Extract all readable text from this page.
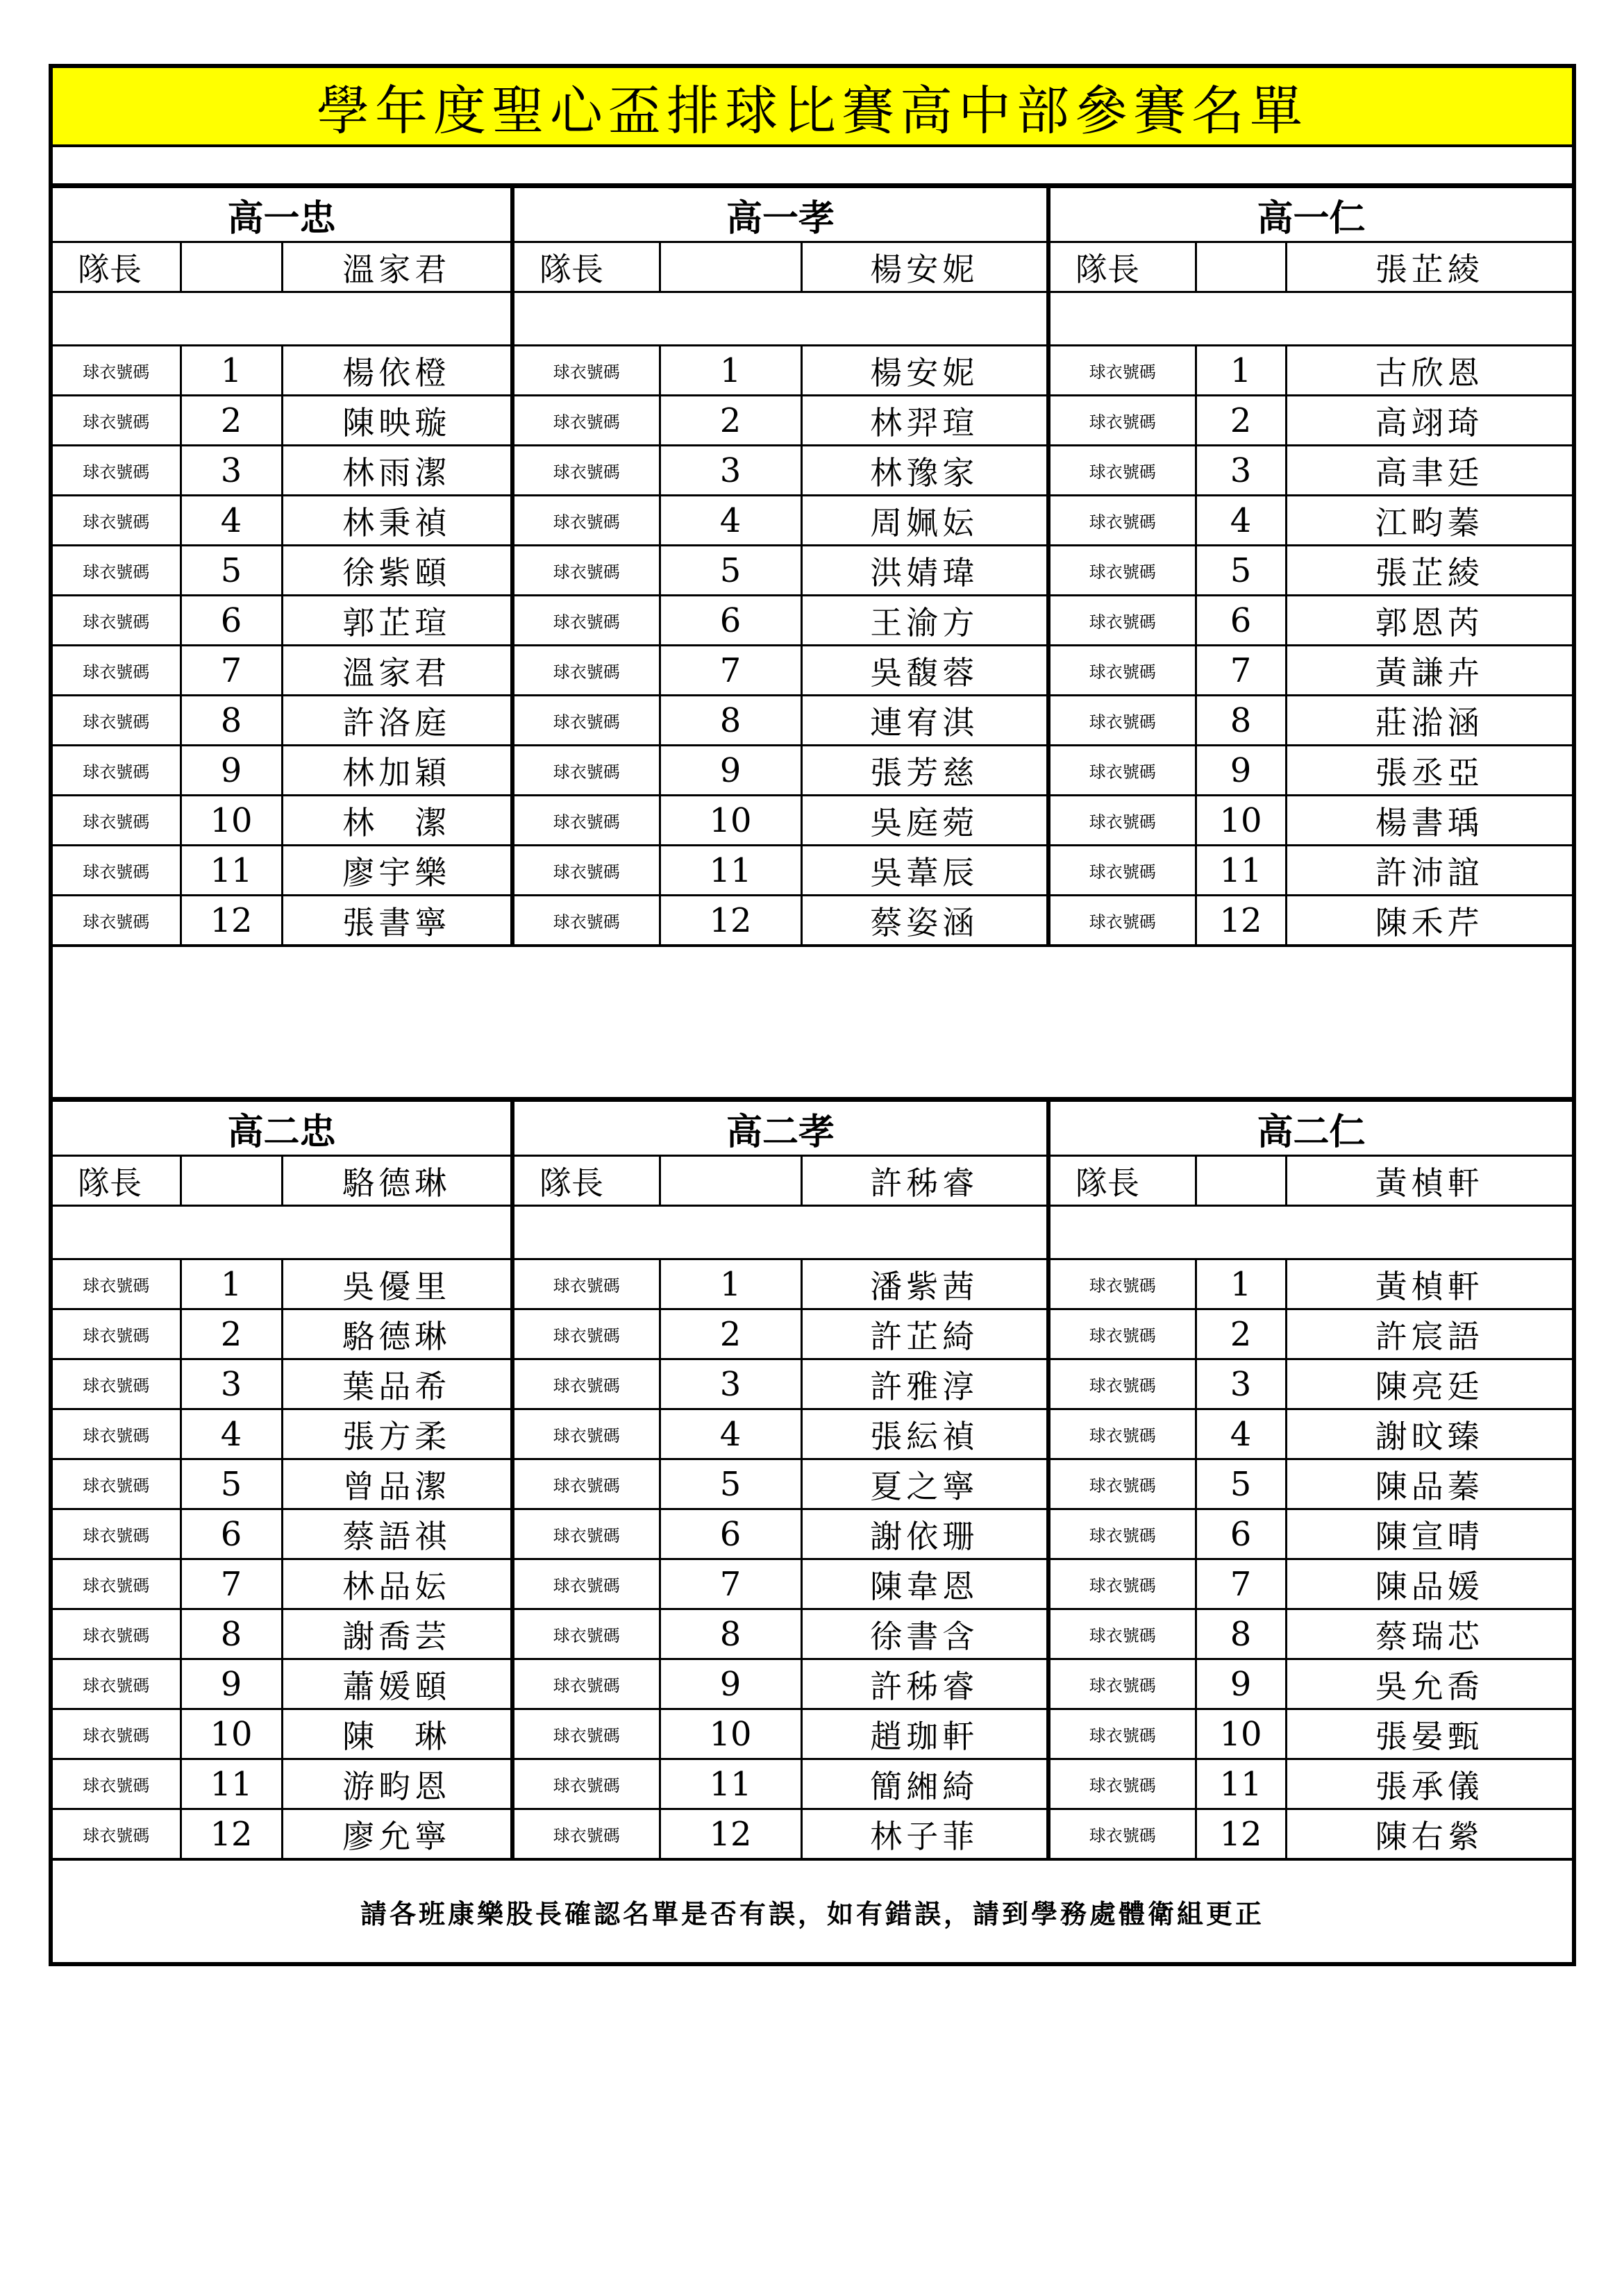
學年度聖心盃排球比賽高中部參賽名單
高一忠			高一孝			高一仁		
隊長		溫家君	隊長		楊安妮	隊長		張芷綾

球衣號碼	1	楊依橙	球衣號碼	1	楊安妮	球衣號碼	1	古欣恩
球衣號碼	2	陳映璇	球衣號碼	2	林羿瑄	球衣號碼	2	高翊琦
球衣號碼	3	林雨潔	球衣號碼	3	林豫家	球衣號碼	3	高聿廷
球衣號碼	4	林秉禎	球衣號碼	4	周姵妘	球衣號碼	4	江畇蓁
球衣號碼	5	徐紫頤	球衣號碼	5	洪婧瑋	球衣號碼	5	張芷綾
球衣號碼	6	郭芷瑄	球衣號碼	6	王渝方	球衣號碼	6	郭恩芮
球衣號碼	7	溫家君	球衣號碼	7	吳馥蓉	球衣號碼	7	黃謙卉
球衣號碼	8	許洛庭	球衣號碼	8	連宥淇	球衣號碼	8	莊湁涵
球衣號碼	9	林加穎	球衣號碼	9	張芳慈	球衣號碼	9	張丞亞
球衣號碼	10	林　潔	球衣號碼	10	吳庭菀	球衣號碼	10	楊書瑀
球衣號碼	11	廖宇樂	球衣號碼	11	吳葦辰	球衣號碼	11	許沛誼
球衣號碼	12	張書寧	球衣號碼	12	蔡姿涵	球衣號碼	12	陳禾芹
高二忠			高二孝			高二仁		
隊長		駱德琳	隊長		許秭睿	隊長		黃楨軒

球衣號碼	1	吳優里	球衣號碼	1	潘紫茜	球衣號碼	1	黃楨軒
球衣號碼	2	駱德琳	球衣號碼	2	許芷綺	球衣號碼	2	許宸語
球衣號碼	3	葉品希	球衣號碼	3	許雅淳	球衣號碼	3	陳亮廷
球衣號碼	4	張方柔	球衣號碼	4	張紜禎	球衣號碼	4	謝旼臻
球衣號碼	5	曾品潔	球衣號碼	5	夏之寧	球衣號碼	5	陳品蓁
球衣號碼	6	蔡語祺	球衣號碼	6	謝依珊	球衣號碼	6	陳宣晴
球衣號碼	7	林品妘	球衣號碼	7	陳韋恩	球衣號碼	7	陳品媛
球衣號碼	8	謝喬芸	球衣號碼	8	徐書含	球衣號碼	8	蔡瑞芯
球衣號碼	9	蕭媛頤	球衣號碼	9	許秭睿	球衣號碼	9	吳允喬
球衣號碼	10	陳　琳	球衣號碼	10	趙珈軒	球衣號碼	10	張晏甄
球衣號碼	11	游畇恩	球衣號碼	11	簡緗綺	球衣號碼	11	張承儀
球衣號碼	12	廖允寧	球衣號碼	12	林子菲	球衣號碼	12	陳右縈
請各班康樂股長確認名單是否有誤，如有錯誤，請到學務處體衛組更正
